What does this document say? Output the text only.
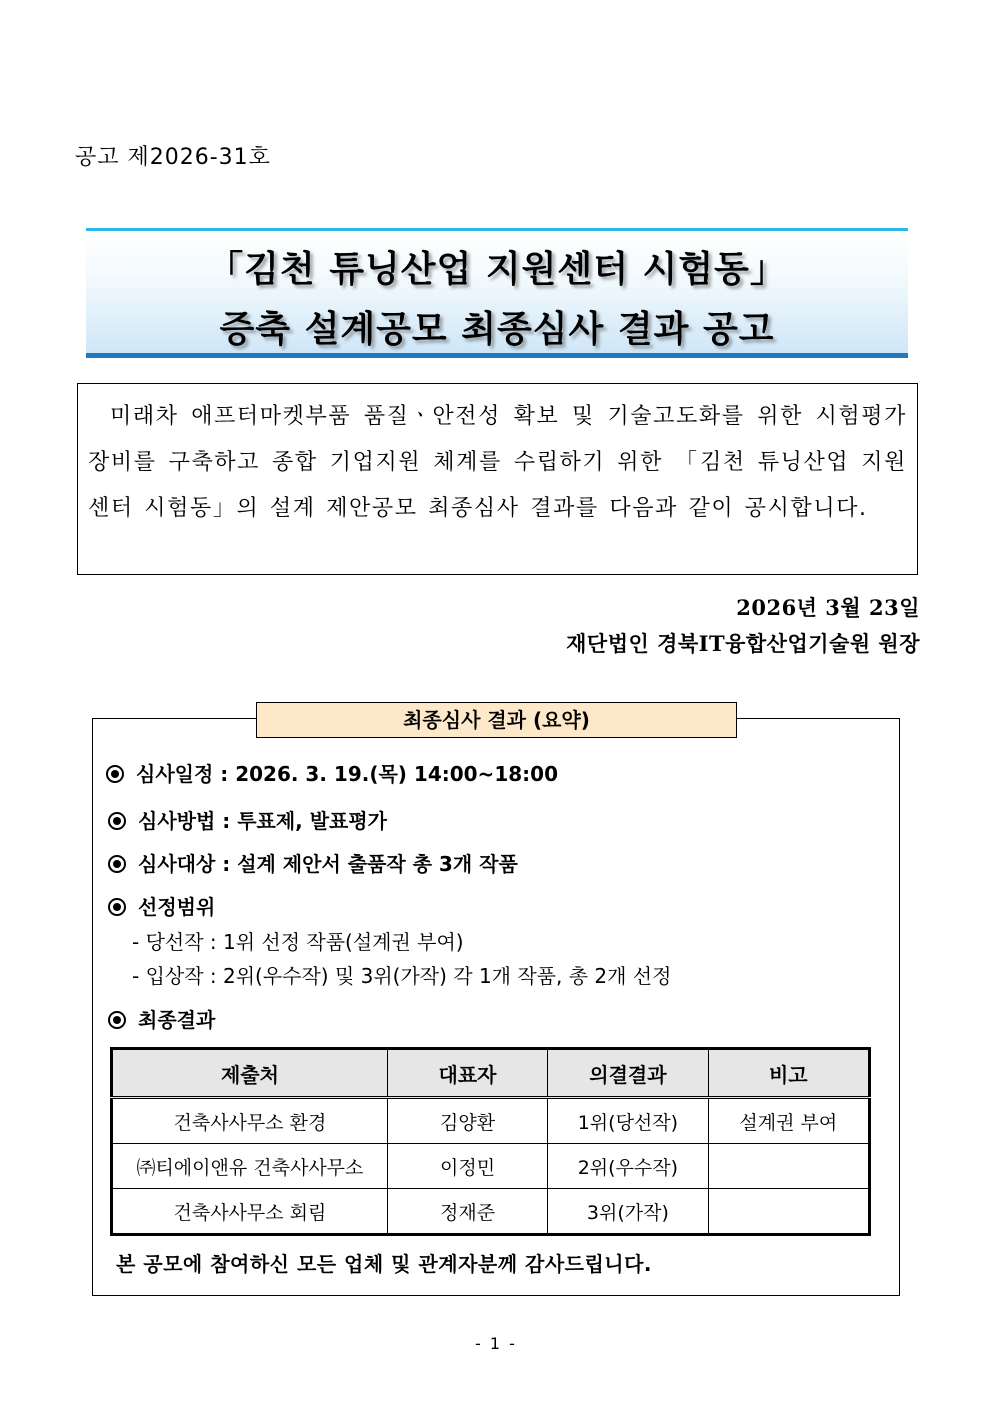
공고 제2026-31호
「김천 튜닝산업 지원센터 시험동」
증축 설계공모 최종심사 결과 공고
미래차 애프터마켓부품 품질ㆍ안전성 확보 및 기술고도화를 위한 시험평가 장비를 구축하고 종합 기업지원 체계를 수립하기 위한 「김천 튜닝산업 지원센터 시험동」의 설계 제안공모 최종심사 결과를 다음과 같이 공시합니다.
2026년 3월 23일
재단법인 경북IT융합산업기술원 원장
최종심사 결과 (요약)
심사일정 : 2026. 3. 19.(목) 14:00~18:00
심사방법 : 투표제, 발표평가
심사대상 : 설계 제안서 출품작 총 3개 작품
선정범위
- 당선작 : 1위 선정 작품(설계권 부여)
- 입상작 : 2위(우수작) 및 3위(가작) 각 1개 작품, 총 2개 선정
최종결과
제출처	대표자	의결결과	비고
건축사사무소 환경	김양환	1위(당선작)	설계권 부여
㈜티에이앤유 건축사사무소	이정민	2위(우수작)	
건축사사무소 회림	정재준	3위(가작)	
본 공모에 참여하신 모든 업체 및 관계자분께 감사드립니다.
- 1 -
